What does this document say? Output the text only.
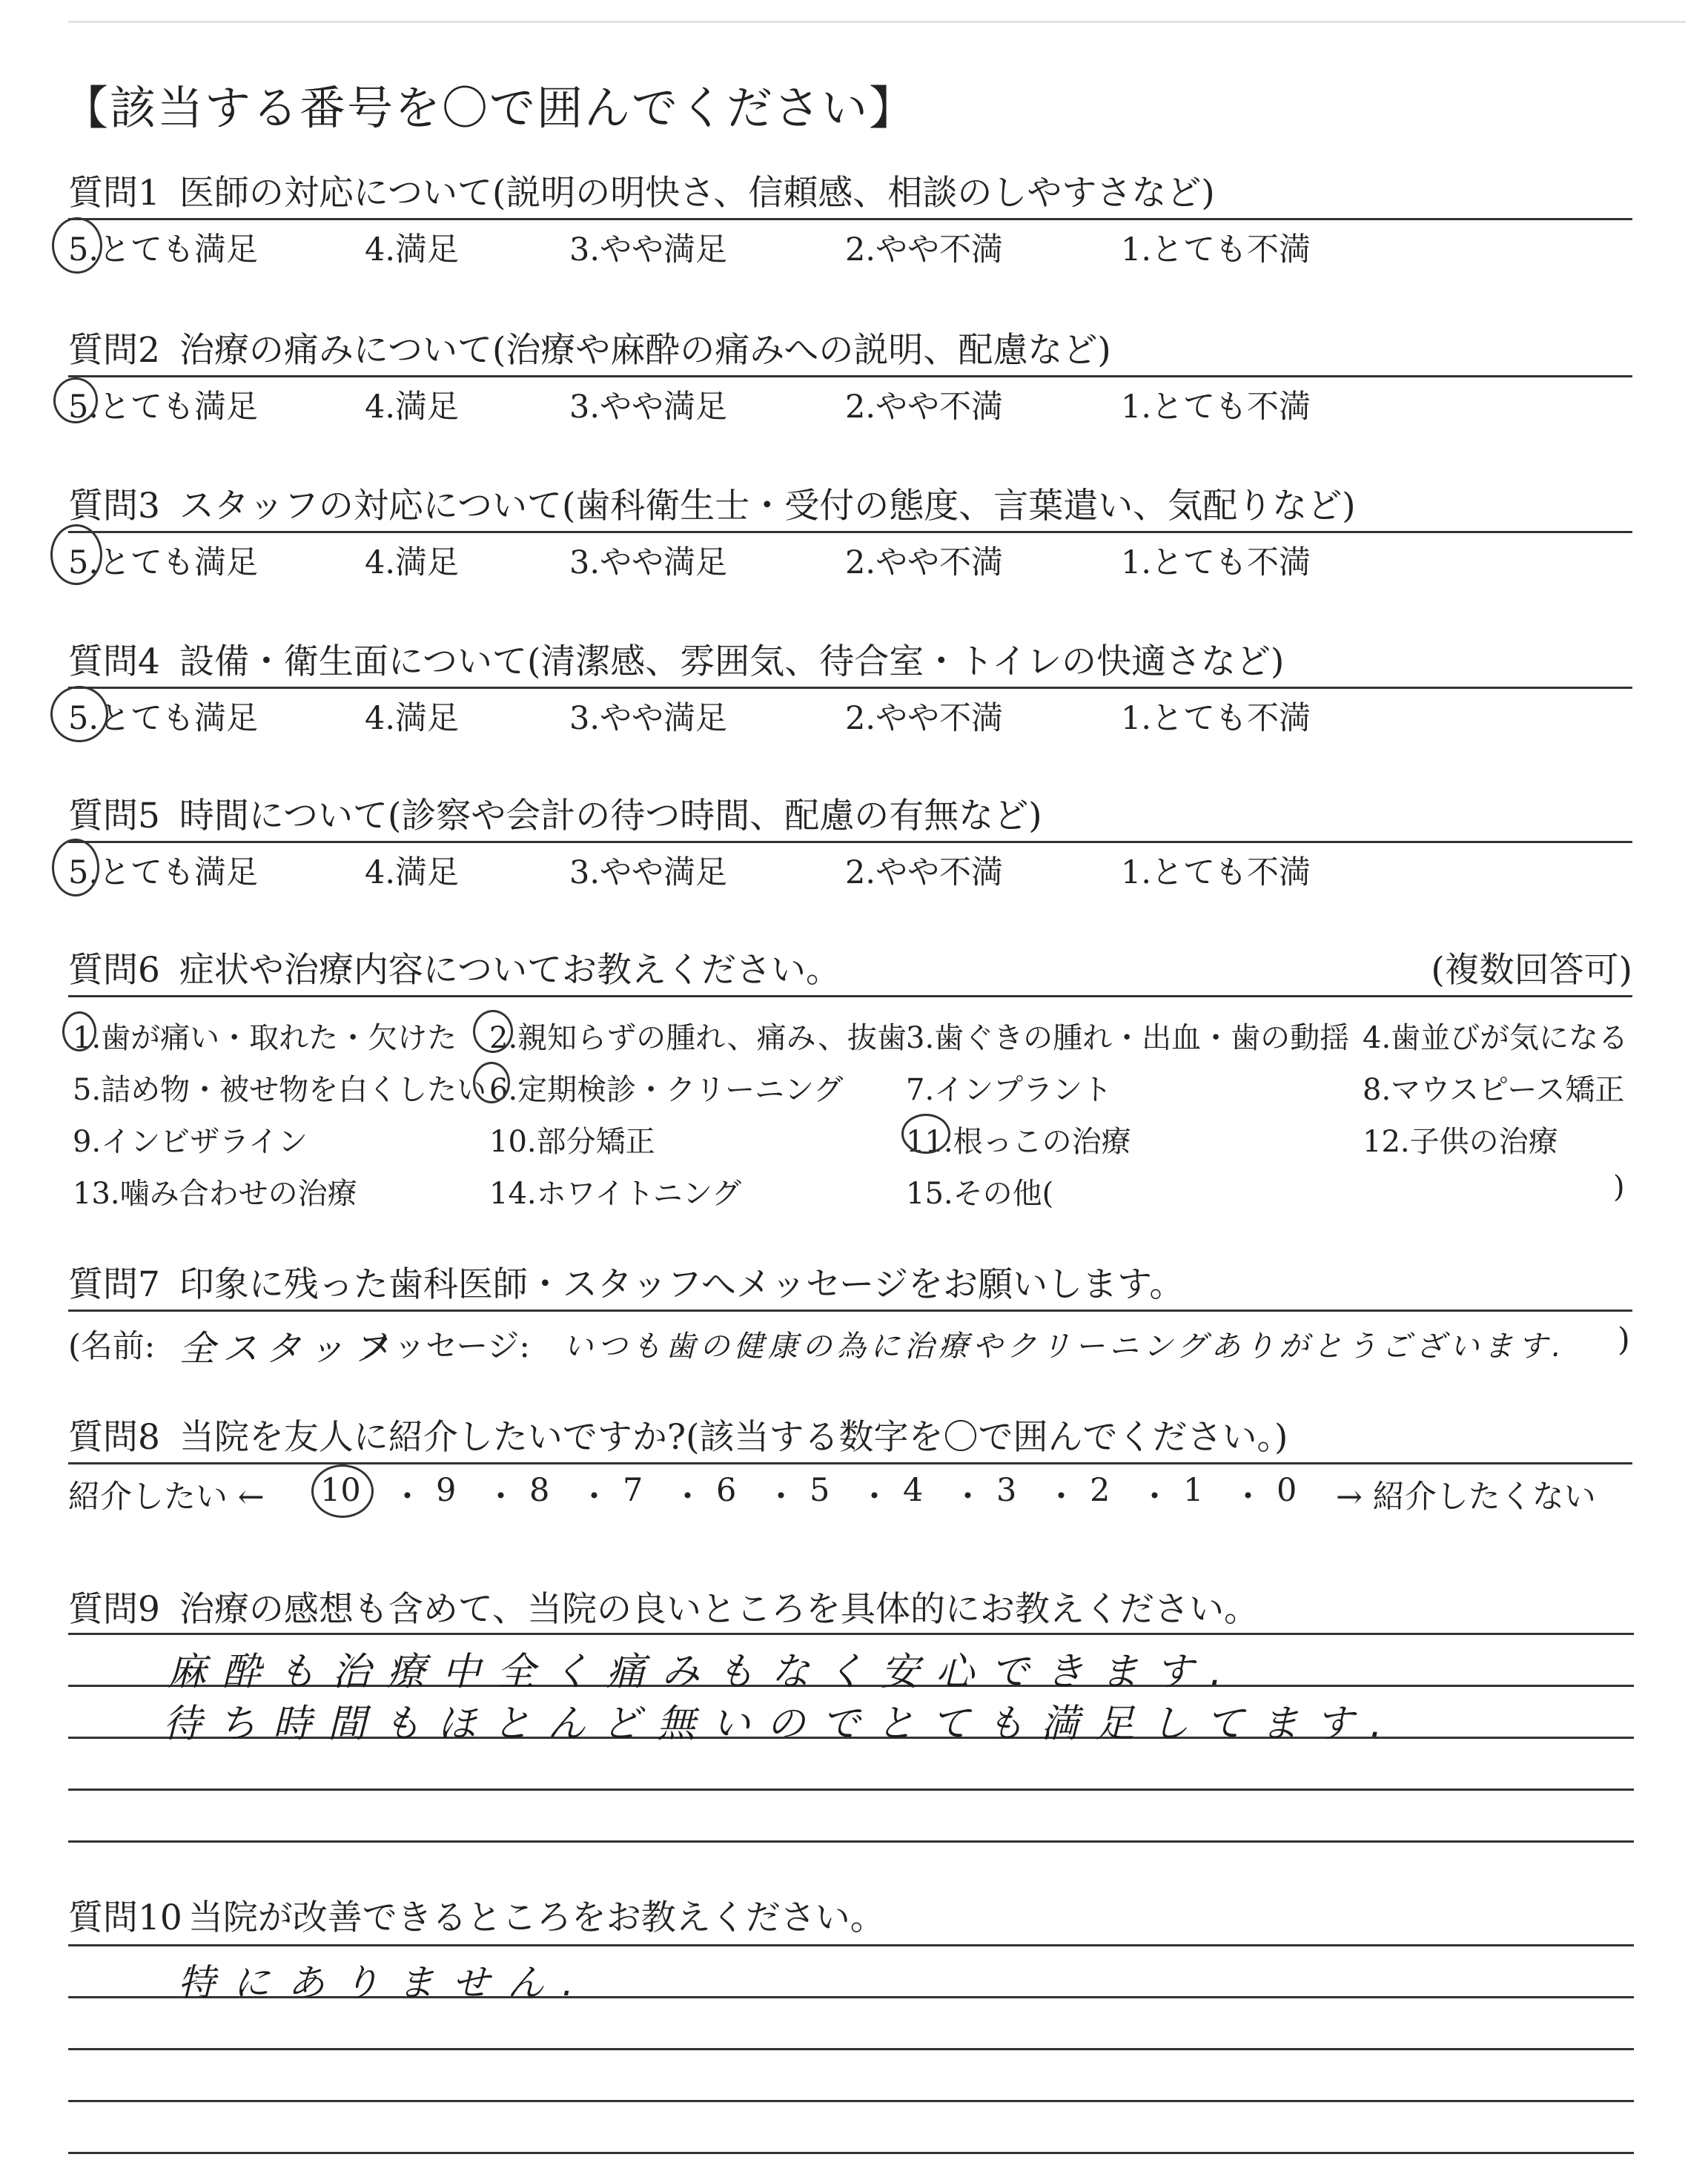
【該当する番号を〇で囲んでください】
質問1 医師の対応について(説明の明快さ、信頼感、相談のしやすさなど)
5.とても満足	4.満足	3.やや満足	2.やや不満	1.とても不満
質問2 治療の痛みについて(治療や麻酔の痛みへの説明、配慮など)
5.とても満足	4.満足	3.やや満足	2.やや不満	1.とても不満
質問3 スタッフの対応について(歯科衛生士・受付の態度、言葉遣い、気配りなど)
5.とても満足	4.満足	3.やや満足	2.やや不満	1.とても不満
質問4 設備・衛生面について(清潔感、雰囲気、待合室・トイレの快適さなど)
5.とても満足	4.満足	3.やや満足	2.やや不満	1.とても不満
質問5 時間について(診察や会計の待つ時間、配慮の有無など)
5.とても満足	4.満足	3.やや満足	2.やや不満	1.とても不満
質問6 症状や治療内容についてお教えください。	(複数回答可)
1.歯が痛い・取れた・欠けた 2.親知らずの腫れ、痛み、抜歯 3.歯ぐきの腫れ・出血・歯の動揺 4.歯並びが気になる
5.詰め物・被せ物を白くしたい 6.定期検診・クリーニング 7.インプラント	8.マウスピース矯正
9.インビザライン	10.部分矯正	11.根っこの治療	12.子供の治療
13.噛み合わせの治療	14.ホワイトニング	15.その他(	)
質問7 印象に残った歯科医師・スタッフへメッセージをお願いします。
(名前: 全スタッフ
メッセージ: いつも歯の健康の為に治療やクリーニングありがとうございます. )
質問8 当院を友人に紹介したいですか?(該当する数字を〇で囲んでください。)
紹介したい ← 10 ・ 9 ・ 8 ・ 7 ・ 6 ・ 5 ・ 4 ・ 3 ・ 2 ・ 1 ・ 0 → 紹介したくない
質問9 治療の感想も含めて、当院の良いところを具体的にお教えください。
麻酔も治療中全く痛みもなく安心できます.
待ち時間もほとんど無いのでとても満足してます.
質問10 当院が改善できるところをお教えください。
特にありません.
